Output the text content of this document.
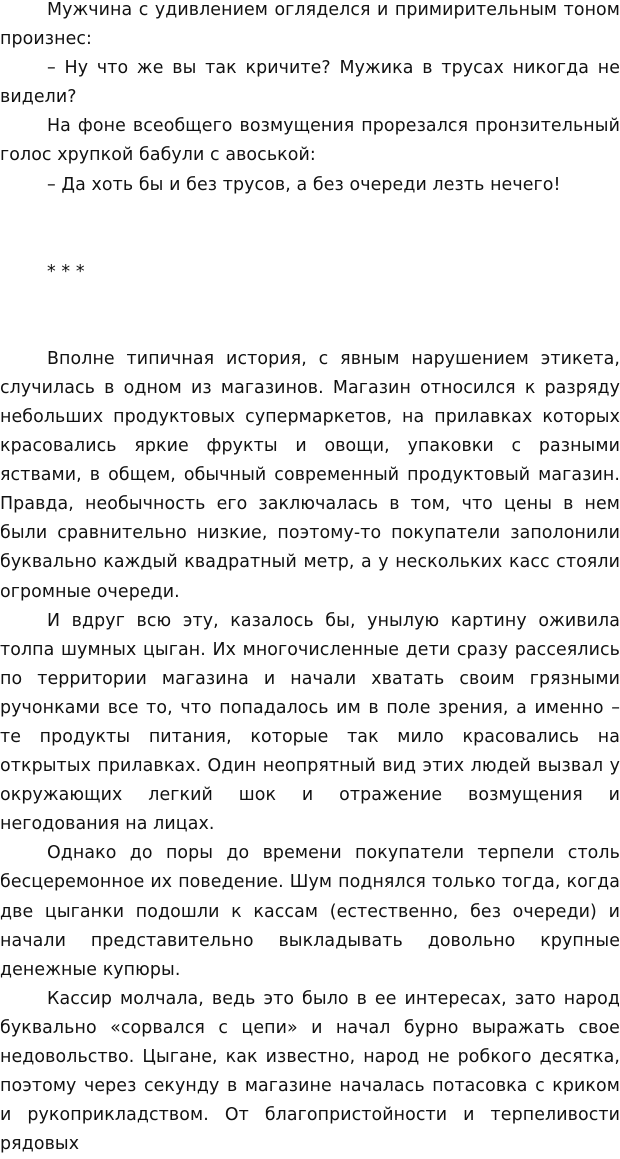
Мужчина с удивлением огляделся и примирительным тоном произнес:

– Ну что же вы так кричите? Мужика в трусах никогда не видели?

На фоне всеобщего возмущения прорезался пронзительный голос хрупкой бабули с авоськой:

– Да хоть бы и без трусов, а без очереди лезть нечего!

* * *

Вполне типичная история, с явным нарушением этикета, случилась в одном из магазинов. Магазин относился к разряду небольших продуктовых супермаркетов, на прилавках которых красовались яркие фрукты и овощи, упаковки с разными яствами, в общем, обычный современный продуктовый магазин. Правда, необычность его заключалась в том, что цены в нем были сравнительно низкие, поэтому-то покупатели заполонили буквально каждый квадратный метр, а у нескольких касс стояли огромные очереди.

И вдруг всю эту, казалось бы, унылую картину оживила толпа шумных цыган. Их многочисленные дети сразу рассеялись по территории магазина и начали хватать своим грязными ручонками все то, что попадалось им в поле зрения, а именно – те продукты питания, которые так мило красовались на открытых прилавках. Один неопрятный вид этих людей вызвал у окружающих легкий шок и отражение возмущения и негодования на лицах.

Однако до поры до времени покупатели терпели столь бесцеремонное их поведение. Шум поднялся только тогда, когда две цыганки подошли к кассам (естественно, без очереди) и начали представительно выкладывать довольно крупные денежные купюры.

Кассир молчала, ведь это было в ее интересах, зато народ буквально «сорвался с цепи» и начал бурно выражать свое недовольство. Цыгане, как известно, народ не робкого десятка, поэтому через секунду в магазине началась потасовка с криком и рукоприкладством. От благопристойности и терпеливости рядовых
